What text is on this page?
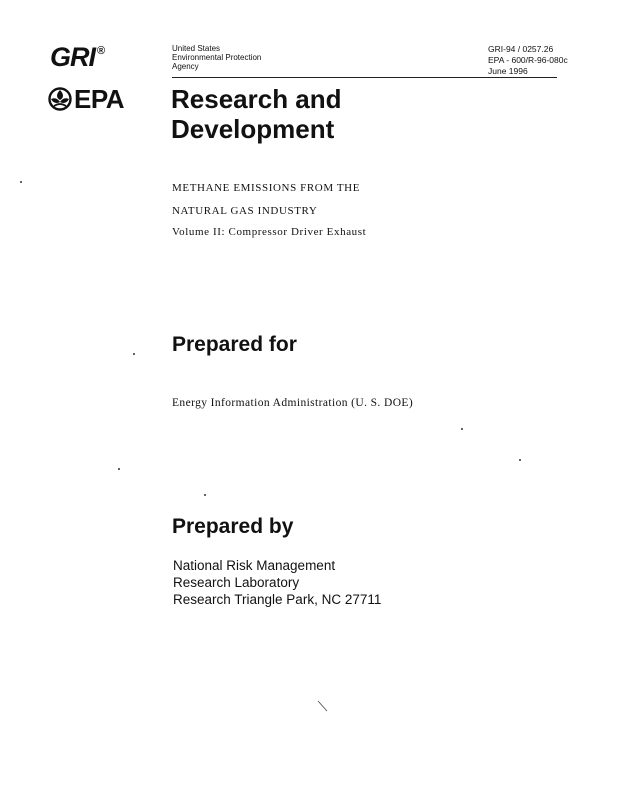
GRI ®
EPA
United States
Environmental Protection
Agency
GRI-94 / 0257.26
EPA - 600/R-96-080c
June 1996
Research and
Development
METHANE EMISSIONS FROM THE
NATURAL GAS INDUSTRY
Volume II: Compressor Driver Exhaust
Prepared for
Energy Information Administration (U. S. DOE)
Prepared by
National Risk Management
Research Laboratory
Research Triangle Park, NC 27711
